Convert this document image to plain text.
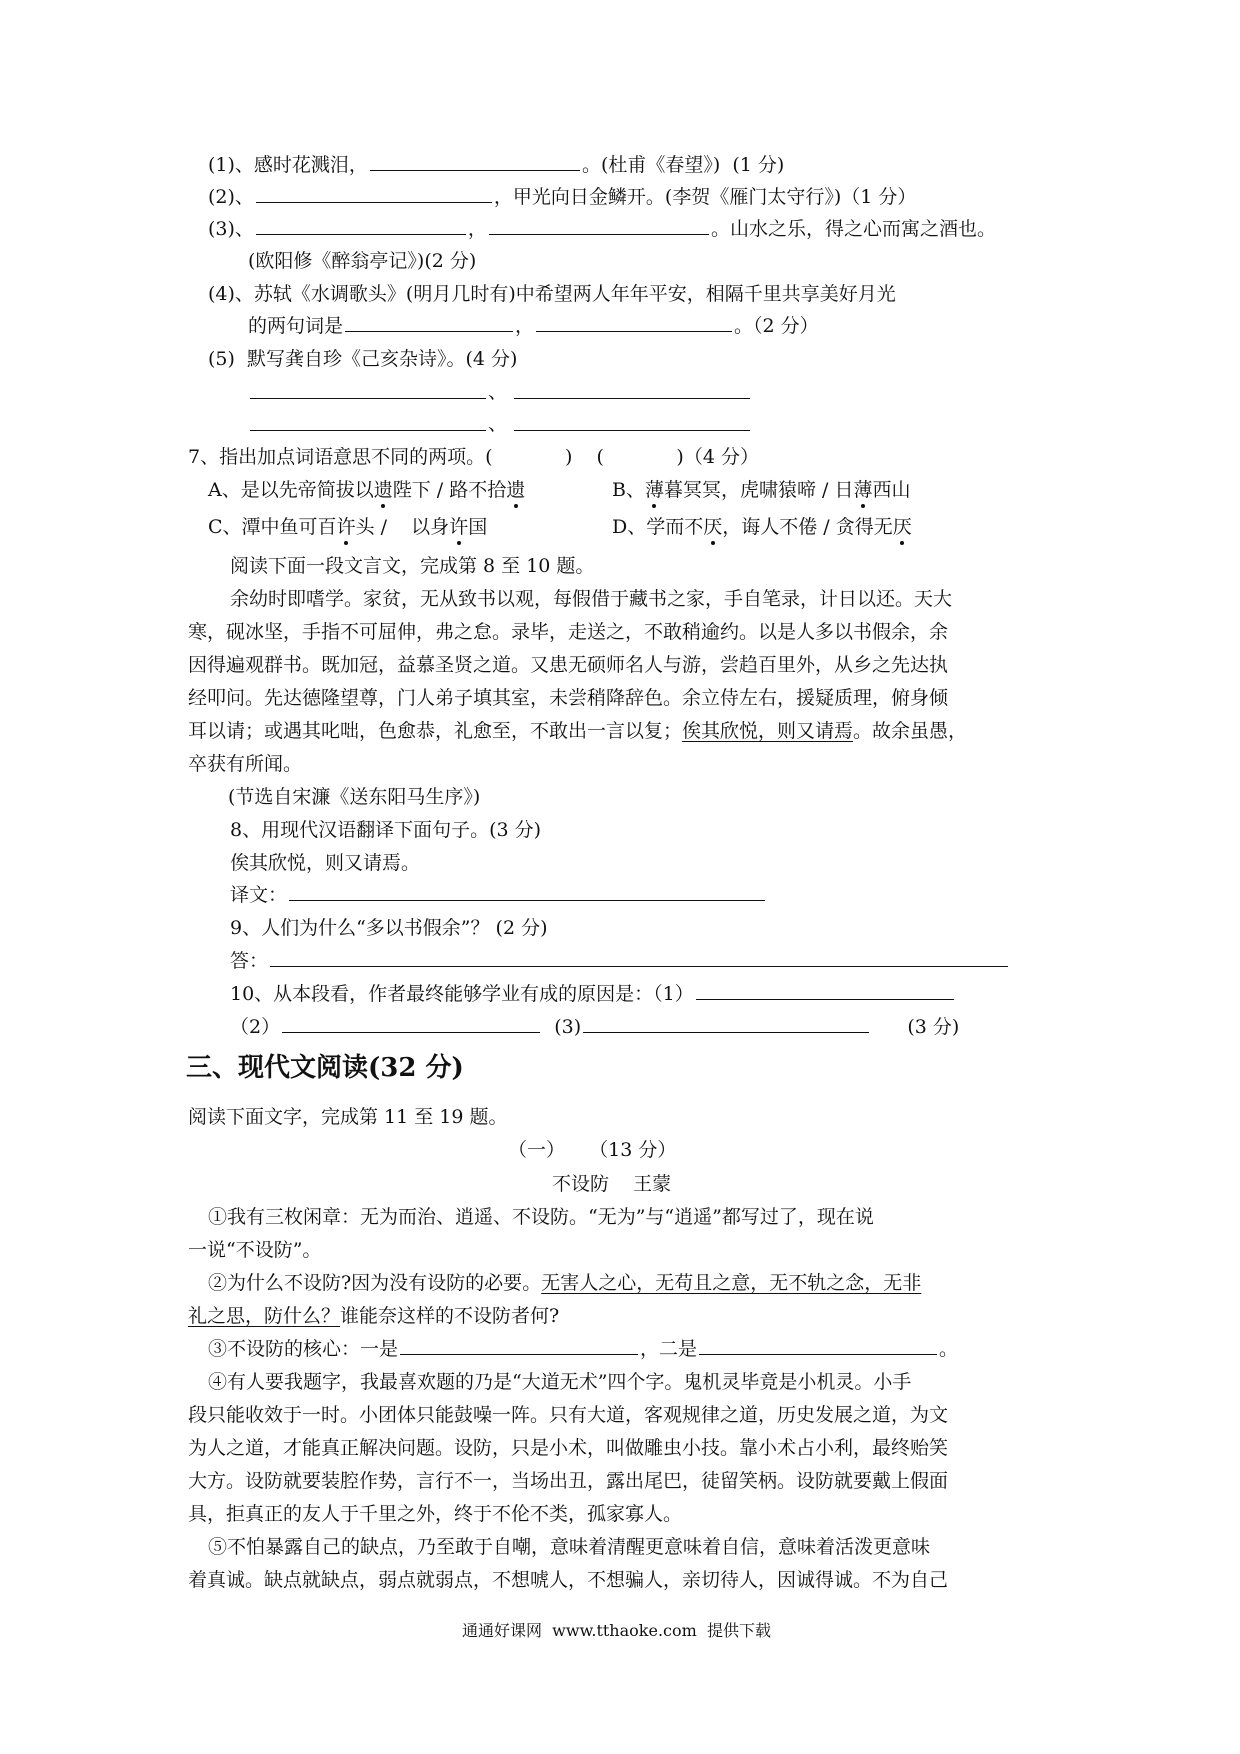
(1)、感时花溅泪，	。(杜甫《春望》)  (1 分)
(2)、	，甲光向日金鳞开。(李贺《雁门太守行》)（1 分）
(3)、	，	。山水之乐，得之心而寓之酒也。
(欧阳修《醉翁亭记》)(2 分)
(4)、苏轼《水调歌头》(明月几时有)中希望两人年年平安，相隔千里共享美好月光
的两句词是	，	。（2 分）
(5) 默写龚自珍《己亥杂诗》。(4 分)
、
、
7、指出加点词语意思不同的两项。(            )    (            )（4 分）
A、是以先帝简拔以遗陛下 / 路不拾遗	B、薄暮冥冥，虎啸猿啼 / 日薄西山
C、潭中鱼可百许头 /    以身许国	D、学而不厌，诲人不倦 / 贪得无厌
阅读下面一段文言文，完成第 8 至 10 题。
余幼时即嗜学。家贫，无从致书以观，每假借于藏书之家，手自笔录，计日以还。天大
寒，砚冰坚，手指不可屈伸，弗之怠。录毕，走送之，不敢稍逾约。以是人多以书假余，余
因得遍观群书。既加冠，益慕圣贤之道。又患无硕师名人与游，尝趋百里外，从乡之先达执
经叩问。先达德隆望尊，门人弟子填其室，未尝稍降辞色。余立侍左右，援疑质理，俯身倾
耳以请；或遇其叱咄，色愈恭，礼愈至，不敢出一言以复；俟其欣悦，则又请焉。故余虽愚，
卒获有所闻。
(节选自宋濂《送东阳马生序》)
8、用现代汉语翻译下面句子。(3 分)
俟其欣悦，则又请焉。
译文：
9、人们为什么“多以书假余”？ (2 分)
答：
10、从本段看，作者最终能够学业有成的原因是：（1）
（2）	(3)	(3 分)
三、现代文阅读(32 分)
阅读下面文字，完成第 11 至 19 题。
（一）    （13 分）
不设防    王蒙
①我有三枚闲章：无为而治、逍遥、不设防。“无为”与“逍遥”都写过了，现在说
一说“不设防”。
②为什么不设防?因为没有设防的必要。无害人之心，无苟且之意，无不轨之念，无非
礼之思，防什么？谁能奈这样的不设防者何?
③不设防的核心：一是	，二是	。
④有人要我题字，我最喜欢题的乃是“大道无术”四个字。鬼机灵毕竟是小机灵。小手
段只能收效于一时。小团体只能鼓噪一阵。只有大道，客观规律之道，历史发展之道，为文
为人之道，才能真正解决问题。设防，只是小术，叫做雕虫小技。靠小术占小利，最终贻笑
大方。设防就要装腔作势，言行不一，当场出丑，露出尾巴，徒留笑柄。设防就要戴上假面
具，拒真正的友人于千里之外，终于不伦不类，孤家寡人。
⑤不怕暴露自己的缺点，乃至敢于自嘲，意味着清醒更意味着自信，意味着活泼更意味
着真诚。缺点就缺点，弱点就弱点，不想唬人，不想骗人，亲切待人，因诚得诚。不为自己
通通好课网  www.tthaoke.com  提供下载
